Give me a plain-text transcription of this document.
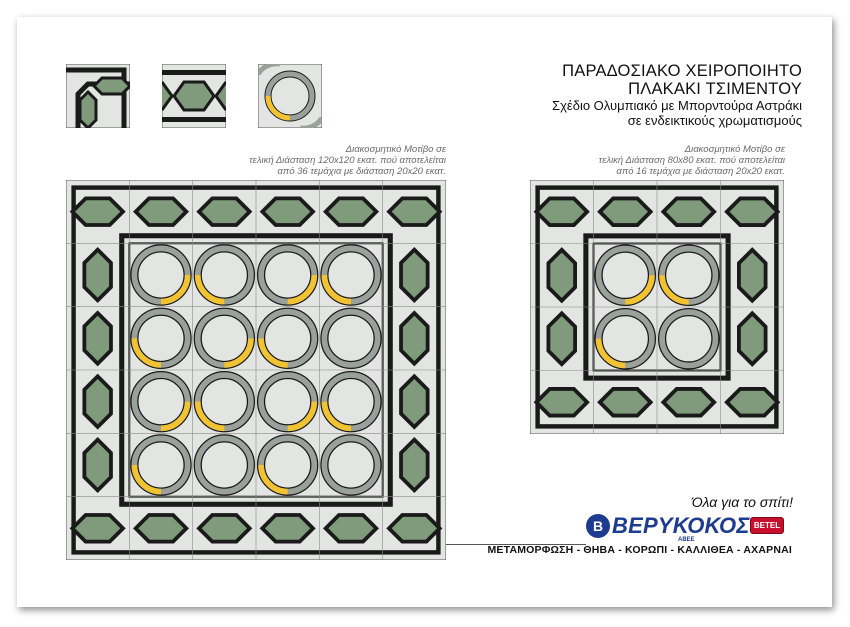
ΠΑΡΑΔΟΣΙΑΚΟ ΧΕΙΡΟΠΟΙΗΤΟ
ΠΛΑΚΑΚΙ ΤΣΙΜΕΝΤΟΥ
Σχέδιο Ολυμπιακό με Μπορντούρα Αστράκι
σε ενδεικτικούς χρωματισμούς
Διακοσμητικό Μοτίβο σε
τελική Διάσταση 120x120 εκατ. πού αποτελείται
από 36 τεμάχια με διάσταση 20x20 εκατ.
Διακοσμητικό Μοτίβο σε
τελική Διάσταση 80x80 εκατ. πού αποτελείται
από 16 τεμάχια με διάσταση 20x20 εκατ.
Όλα για το σπίτι!
B ΒΕΡΥΚΟΚΟΣ
ΑΒΕΕ
BETEL
ΜΕΤΑΜΟΡΦΩΣΗ - ΘΗΒΑ - ΚΟΡΩΠΙ - ΚΑΛΛΙΘΕΑ - ΑΧΑΡΝΑΙ
